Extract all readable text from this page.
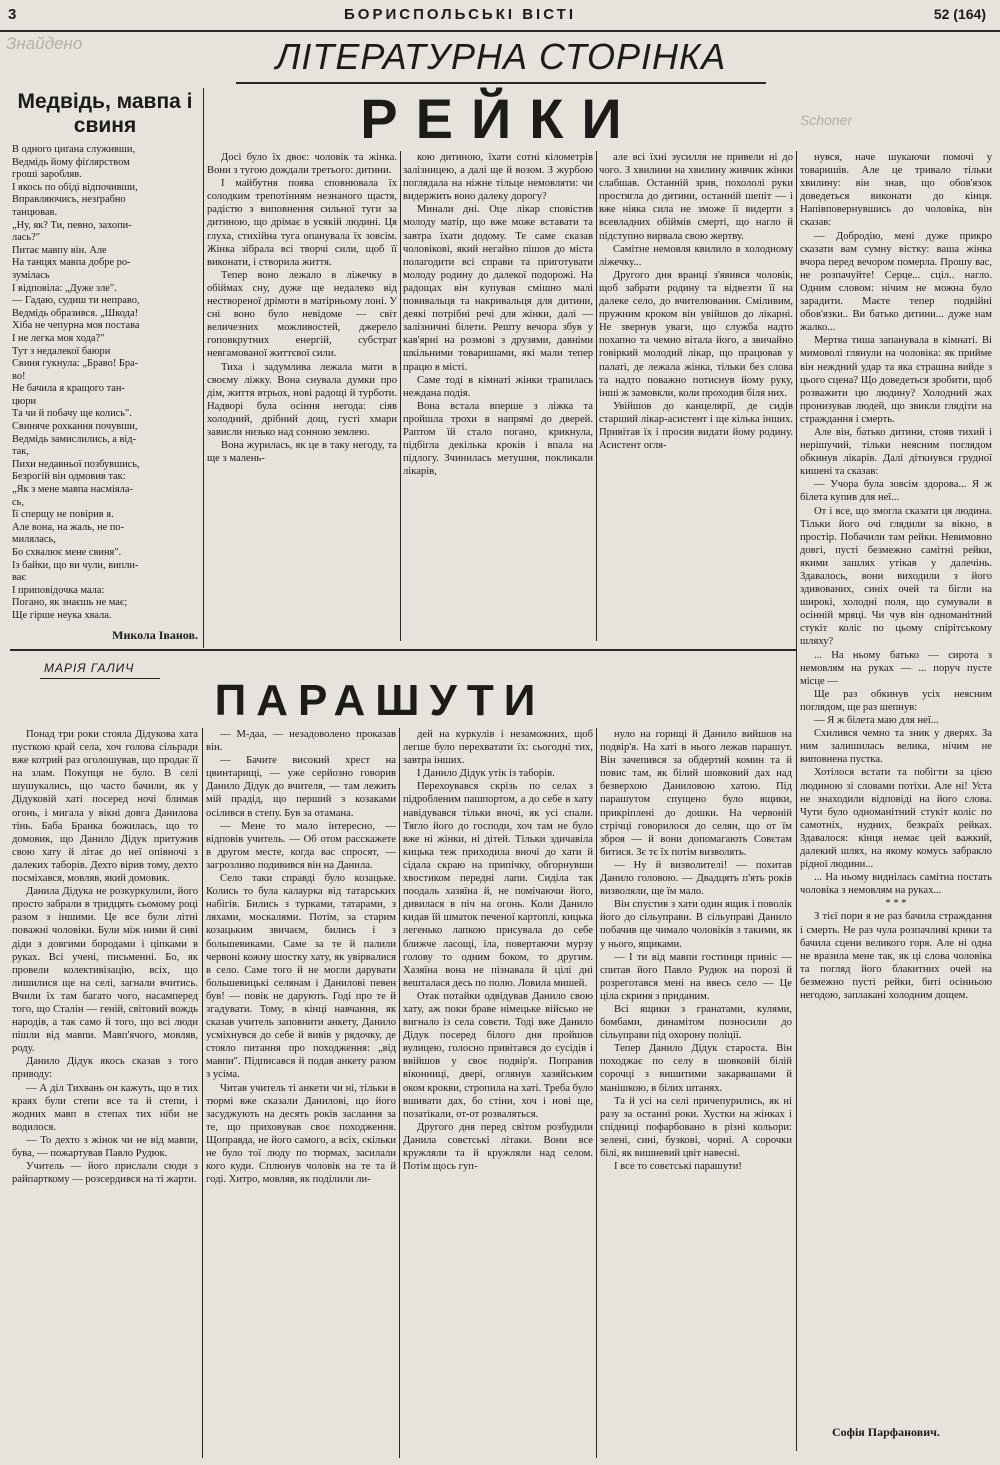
3	БОРИСПОЛЬСЬКІ ВІСТІ	52 (164)
Знайдено
Schoner
ЛІТЕРАТУРНА СТОРІНКА
Медвідь, мавпа і свиня
В одного циґана служивши,
Ведмідь йому фіґлярством
гроші заробляв.
І якось по обіді відпочивши,
Вправляючись, незґрабно
танцював.
„Ну, як? Ти, певно, захопи-
лась?"
Питає мавпу він. Але
На танцях мавпа добре ро-
зумілась
І відповіла: „Дуже зле".
— Гадаю, судиш ти неправо,
Ведмідь образився. „Шкода!
Хіба не чепурна моя постава
І не легка моя хода?"
Тут з недалекої баюри
Свиня гукнула: „Браво! Бра-
во!
Не бачила я кращого тан-
цюри
Та чи й побачу ще колись".
Свиняче рохкання почувши,
Ведмідь замислились, а від-
так,
Пихи недавньої позбувшись,
Безрогій він одмовив так:
„Як з мене мавпа насміяла-
сь,
Її сперщу не повірив я.
Але вона, на жаль, не по-
милялась,
Бо схвалює мене свиня".
Із байки, що ви чули, випли-
ває
І приповідочка мала:
Погано, як знаєшь не має;
Ще гірше неука хвала.
Микола Іванов.
РЕЙКИ

Досі було їх двоє: чоловік та жінка. Вони з тугою дождали третього: дитини.

І майбутня поява сповнювала їх солодким трепотінням незнаного щастя, радістю з виповнення сильної туги за дитиною, що дрімає в усякій людині. Ця глуха, стихійна туга опанувала їх зовсім. Жінка зібрала всі творчі сили, щоб її виконати, і створила життя.

Тепер воно лежало в ліжечку в обіймах сну, дуже ще недалеко від нествореної дрімоти в матірньому лоні. У сні воно було невідоме — світ величезних можливостей, джерело гоповкрутних енергій, субстрат невгамованої життєвої сили.

Тиха і задумлива лежала мати в своєму ліжку. Вона снувала думки про дім, життя втрьох, нові радощі й турботи. Надворі була осіння негода: сіяв холодний, дрібний дощ, густі хмари зависли низько над сонною землею.

Вона журилась, як це в таку негоду, та ще з малень-

кою дитиною, їхати сотні кілометрів залізницею, а далі ще й возом. З журбою поглядала на ніжне тільце немовляти: чи видержить воно далеку дорогу?

Минали дні. Оце лікар сповістив молоду матір, що вже може вставати та завтра їхати додому. Те саме сказав чоловікові, який негайно пішов до міста полагодити всі справи та приготувати молоду родину до далекої подорожі. На радощах він купував смішно малі повивальця та накривальця для дитини, деякі потрібні речі для жінки, далі — залізничні білети. Решту вечора збув у кав'ярні на розмові з друзями, давніми шкільними товаришами, які мали тепер працю в місті.

Саме тоді в кімнаті жінки трапилась неждана подія.

Вона встала вперше з ліжка та пройшла трохи в напрямі до дверей. Раптом їй стало погано, крикнула, підбігла декілька кроків і впала на підлогу. Зчинилась метушня, покликали лікарів,

але всі їхні зусилля не привели ні до чого. З хвилини на хвилину живчик жінки слабшав. Останній зрив, похололі руки простягла до дитини, останній шепіт — і вже ніяка сила не зможе її видерти з всевладних обіймів смерті, що нагло й підступно вирвала свою жертву.

Самітне немовля квилило в холодному ліжечку...

Другого дня вранці з'явився чоловік, щоб забрати родину та відвезти її на далеке село, до вчителювання. Сміливим, пружним кроком він увійшов до лікарні. Не звернув уваги, що служба надто похапно та чемно вітала його, а звичайно говіркий молодий лікар, що працював у палаті, де лежала жінка, тільки без слова та надто поважно потиснув йому руку, інші ж замовкли, коли проходив біля них.

Увійшов до канцелярії, де сидів старший лікар-асистент і ще кілька інших. Привітав їх і просив видати йому родину. Асистент огля-

нувся, наче шукаючи помочі у товаришів. Але це тривало тільки хвилину: він знав, що обов'язок доведеться виконати до кінця. Напівповернувшись до чоловіка, він сказав:

— Добродію, мені дуже прикро сказати вам сумну вістку: ваша жінка вчора перед вечором померла. Прошу вас, не розпачуйте! Серце... сціл.. нагло. Одним словом: нічим не можна було зарадити. Маєте тепер подвійні обов'язки.. Ви батько дитини... дуже нам жалко...

Мертва тиша запанувала в кімнаті. Ві мимоволі глянули на чоловіка: як прийме він неждний удар та яка страшна вийде з цього сцена? Що доведеться зробити, щоб розважити цю людину? Холодний жах пронизував людей, що звикли глядіти на страждання і смерть.

Але він, батько дитини, стояв тихий і нерішучий, тільки неясним поглядом обкинув лікарів. Далі діткнувся грудної кишені та сказав:

— Учора була зовсім здорова... Я ж білета купив для неї...

От і все, що змогла сказати ця людина. Тільки його очі глядили за вікно, в простір. Побачили там рейки. Невимовно довгі, пусті безмежно самітні рейки, якими зашлях утікав у далечінь. Здавалось, вони виходили з його здивованих, синіх очей та бігли на широкі, холодні поля, що сумували в осінній мряці. Чи чув він одноманітний стукіт коліс по цьому спірітському шляху?

... На ньому батько — сирота з немовлям на руках — ... поруч пусте місце —

Ще раз обкинув усіх неясним поглядом, ще раз шепнув:

— Я ж білета маю для неї...

Схилився чемно та зник у дверях. За ним залишилась велика, нічим не виповнена пустка.

Хотілося встати та побігти за цією людиною зі словами потіхи. Але ні! Уста не знаходили відповіді на його слова. Чути було одноманітний стукіт коліс по самотніх, нудних, безкраїх рейках. Здавалося: кінця немає цей важкий, далекий шлях, на якому комусь забракло рідної людини...

... На ньому виднілась самітна постать чоловіка з немовлям на руках...

* * *

З тієї пори я не раз бачила страждання і смерть. Не раз чула розпачливі крики та бачила сцени великого горя. Але ні одна не вразила мене так, як ці слова чоловіка та погляд його блакитних очей на безмежно пусті рейки, биті осінньою негодою, заплакані холодним дощем.

МАРІЯ ГАЛИЧ
ПАРАШУТИ

Понад три роки стояла Дідукова хата пусткою край села, хоч голова сільради вже котрий раз оголошував, що продає її на злам. Покупця не було. В селі шушукались, що часто бачили, як у Дідуковій хаті посеред ночі блимав огонь, і мигала у вікні довга Данилова тінь. Баба Бранка божилась, що то домовик, що Данило Дідук притужив свою хату й літає до неї опівночі з далеких таборів. Дехто вірив тому, дехто посміхався, мовляв, який домовик.

Данила Дідука не розкуркулили, його просто забрали в тридцять сьомому році разом з іншими. Це все були літні поважні чоловіки. Були між ними й сиві діди з довгими бородами і ціпками в руках. Всі учені, письменні. Бо, як провели колективізацію, всіх, що лишилися ще на селі, загнали вчитись. Вчили їх там багато чого, насамперед того, що Сталін — геній, світовий вождь народів, а так само й того, що всі люди пішли від мавпи. Мавп'ячого, мовляв, роду.

Данило Дідук якось сказав з того приводу:

— А діл Тихвань он кажуть, що в тих краях були степи все та й степи, і жодних мавп в степах тих ніби не водилося.

— То дехто з жінок чи не від мавпи, бува, — пожартував Павло Рудюк.

Учитель — його прислали сюди з райпарткому — розсердився на ті жарти.

— М-даа, — незадоволено проказав він.

— Бачите високий хрест на цвинтарищі, — уже серйозно говорив Данило Дідук до вчителя, — там лежить мій прадід, що перший з козаками осілився в степу. Був за отамана.

— Мене то мало інтересно, — відповів учитель. — Об отом расскажете в другом месте, когда вас спросят, — загрозливо подивився він на Данила.

Село таки справді було козацьке. Колись то була калаурка від татарських набігів. Бились з турками, татарами, з ляхами, москалями. Потім, за старим козацьким звичаєм, бились і з большевиками. Саме за те й палили червоні кожну шостку хату, як увірвалися в село. Саме того й не могли дарувати большевицькі селянам і Данилові певен був! — повік не дарують. Годі про те й згадувати. Тому, в кінці навчання, як сказав учитель заповнити анкету, Данило усміхнувся до себе й вивів у рядочку, де стояло питання про походження: „від мавпи". Підписався й подав анкету разом з усіма.

Читав учитель ті анкети чи ні, тільки в тюрмі вже сказали Данилові, що його засуджують на десять років заслання за те, що приховував своє походження. Щоправда, не його самого, а всіх, скільки не було тої люду по тюрмах, засилали кого куди. Сплюнув чоловік на те та й годі. Хитро, мовляв, як поділили ли-

дей на куркулів і незаможних, щоб легше було перехватати їх: сьогодні тих, завтра інших.

І Данило Дідук утік із таборів.

Перехоувався скрізь по селах з підробленим пашпортом, а до себе в хату навідувався тільки вночі, як усі спали. Тягло його до господи, хоч там не було вже ні жінки, ні дітей. Тільки здичавіла кицька теж приходила вночі до хати й сідала скраю на припічку, обгорнувши хвостиком передні лапи. Сиділа так поодаль хазяїна й, не помічаючи його, дивилася в піч на огонь. Коли Данило кидав їй шматок печеної картоплі, кицька легенько лапкою присувала до себе ближче ласощі, їла, повертаючи мурзу голову то одним боком, то другим. Хазяїна вона не пізнавала й цілі дні вешталася десь по полю. Ловила мишей.

Отак потайки одвідував Данило свою хату, аж поки браве німецьке військо не вигнало із села совєти. Тоді вже Данило Дідук посеред білого дня пройшов вулицею, голосно привітався до сусідів і ввійшов у своє подвір'я. Поправив віконниці, двері, оглянув хазяйським оком крокви, стропила на хаті. Треба було вшивати дах, бо стіни, хоч і нові ще, позатікали, от-от розваляться.

Другого дня перед світом розбудили Данила совєтські літаки. Вони все кружляли та й кружляли над селом. Потім щось гуп-

нуло на горищі й Данило вийшов на подвір'я. На хаті в нього лежав парашут. Він зачепився за обдертий комин та й повис там, як білий шовковий дах над безверхою Даниловою хатою. Під парашутом спущено було ящики, прикріплені до дошки. На червоній стрічці говорилося до селян, що от їм зброя — й вони допомагають Совєтам битися. Зє тє їх потім визволять.

— Ну й визволителі! — похитав Данило головою. — Двадцять п'ять років визволяли, ще їм мало.

Він спустив з хати один ящик і поволік його до сільуправи. В сільуправі Данило побачив ще чимало чоловіків з такими, як у нього, ящиками.

— І ти від мавпи гостинця приніс — спитав його Павло Рудюк на порозі й розреготався мені на ввесь село — Це ціла скриня з приданим.

Всі ящики з гранатами, кулями, бомбами, динамітом позносили до сільуправи під охорону поліції.

Тепер Данило Дідук староста. Він походжає по селу в шовковій білій сорочці з вишитими закарвашами й манішкою, в білих штанях.

Та й усі на селі причепурились, як ні разу за останні роки. Хустки на жінках і спідниці пофарбовано в різні кольори: зелені, сині, бузкові, чорні. А сорочки білі, як вишневий цвіт навесні.

І все то совєтські парашути!

Софія Парфанович.
